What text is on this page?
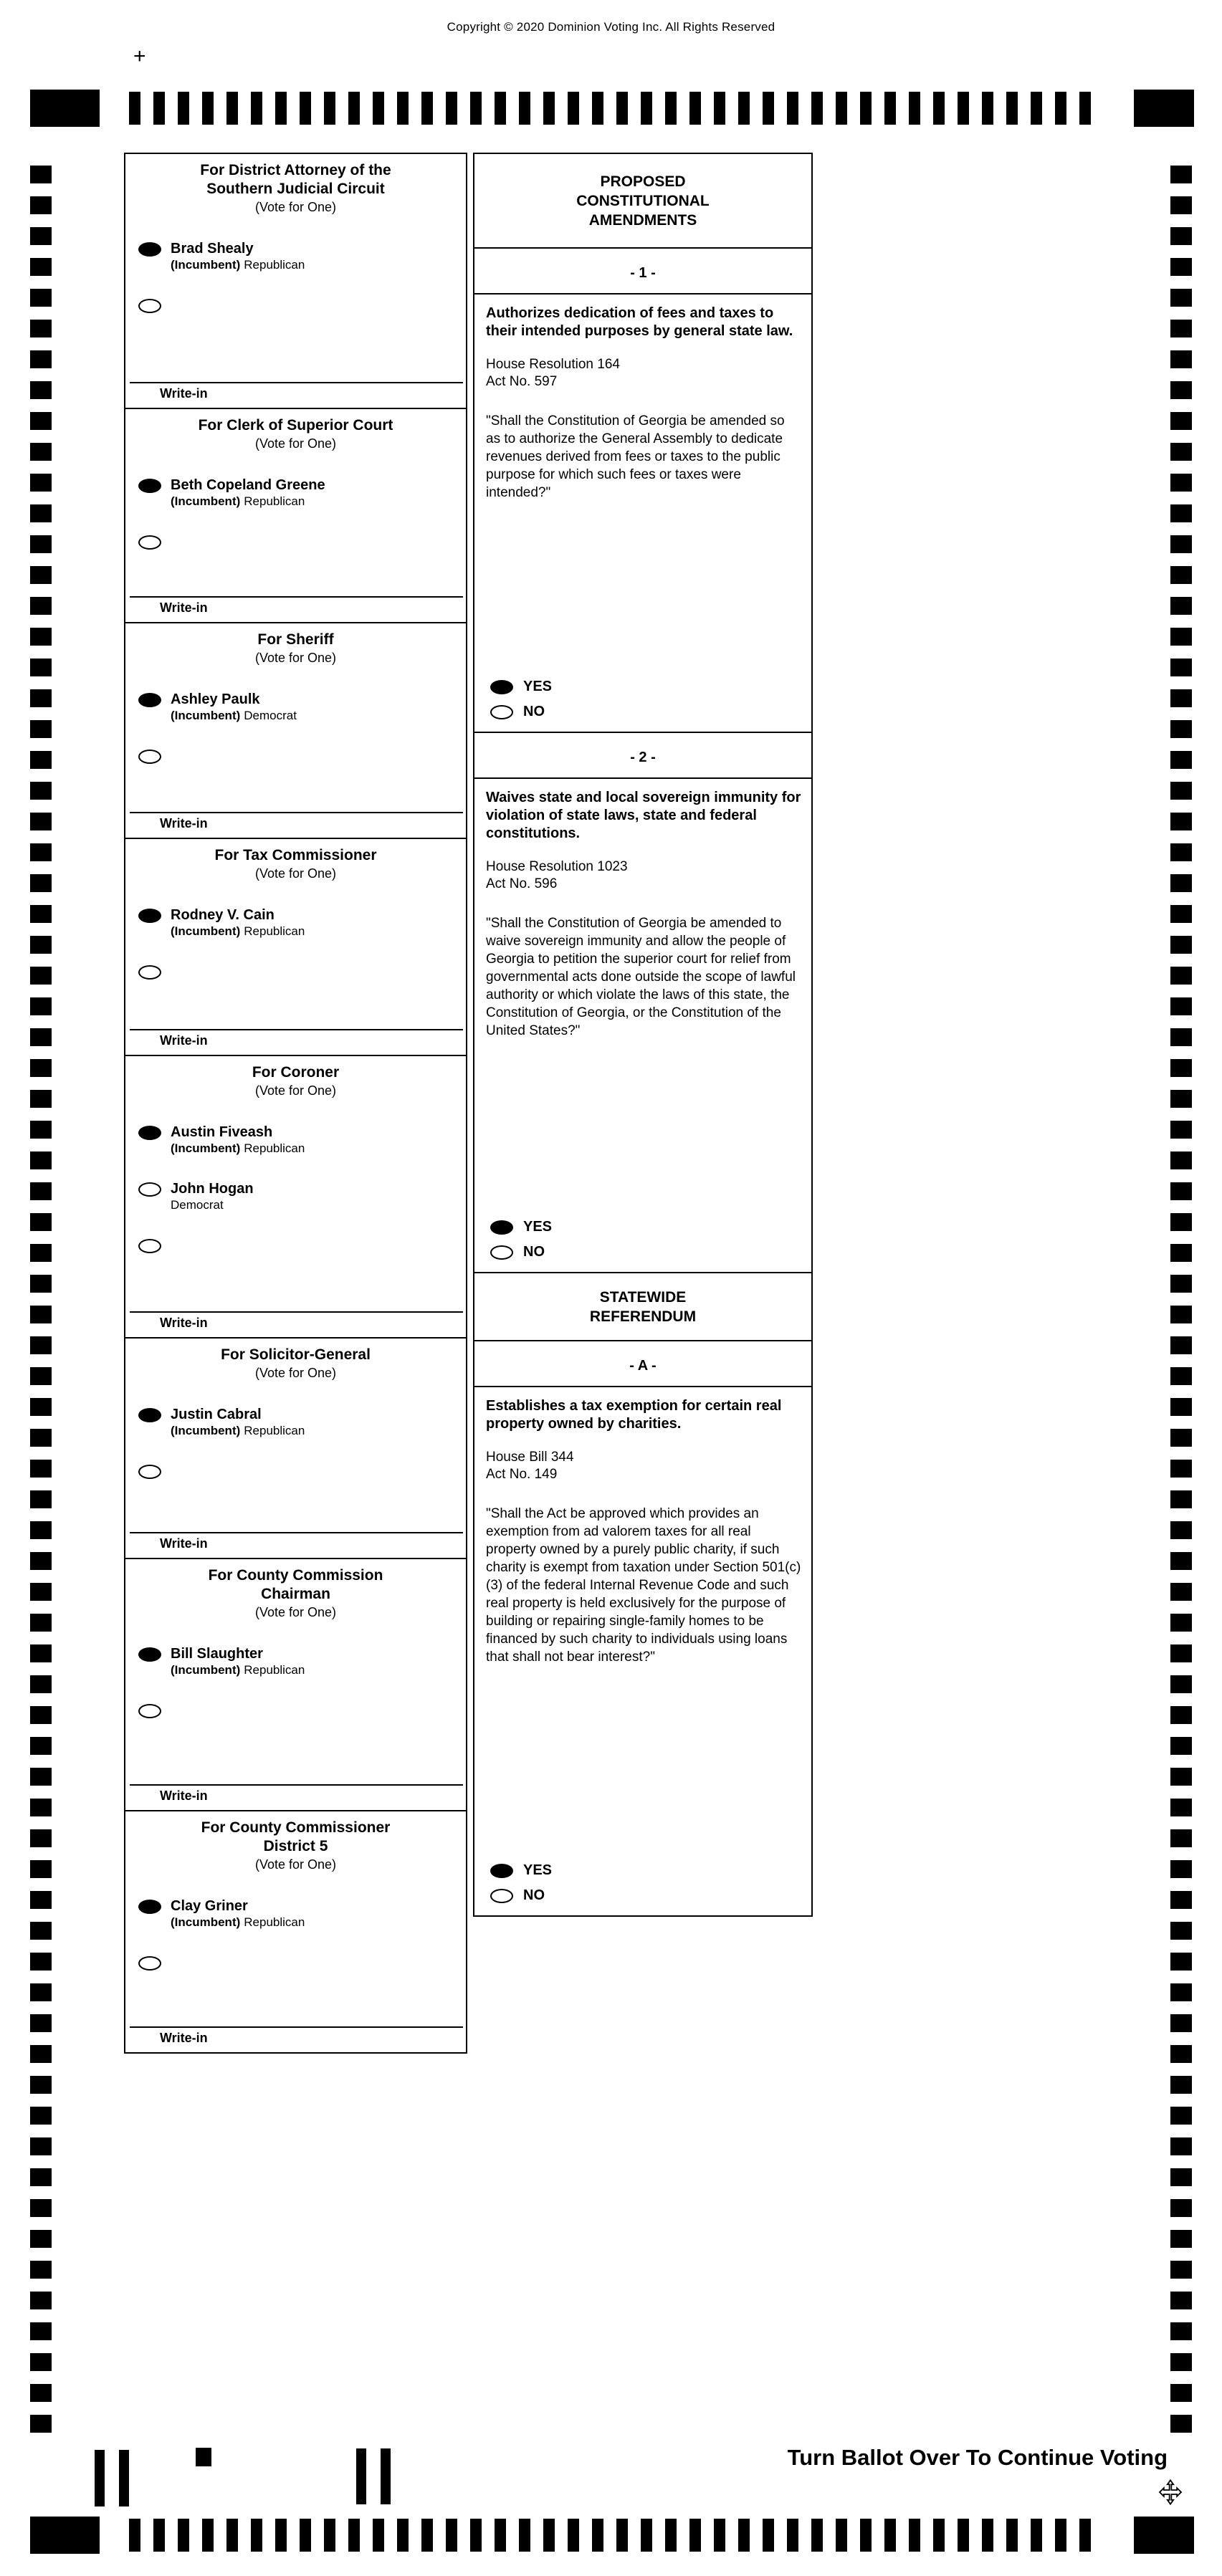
Copyright © 2020 Dominion Voting Inc. All Rights Reserved
+
For District Attorney of the
Southern Judicial Circuit
(Vote for One)
Brad Shealy
(Incumbent) Republican
Write-in
For Clerk of Superior Court
(Vote for One)
Beth Copeland Greene
(Incumbent) Republican
Write-in
For Sheriff
(Vote for One)
Ashley Paulk
(Incumbent) Democrat
Write-in
For Tax Commissioner
(Vote for One)
Rodney V. Cain
(Incumbent) Republican
Write-in
For Coroner
(Vote for One)
Austin Fiveash
(Incumbent) Republican
John Hogan
Democrat
Write-in
For Solicitor-General
(Vote for One)
Justin Cabral
(Incumbent) Republican
Write-in
For County Commission
Chairman
(Vote for One)
Bill Slaughter
(Incumbent) Republican
Write-in
For County Commissioner
District 5
(Vote for One)
Clay Griner
(Incumbent) Republican
Write-in
PROPOSED
CONSTITUTIONAL
AMENDMENTS
- 1 -
Authorizes dedication of fees and taxes to their intended purposes by general state law.
House Resolution 164
Act No. 597
"Shall the Constitution of Georgia be amended so as to authorize the General Assembly to dedicate revenues derived from fees or taxes to the public purpose for which such fees or taxes were intended?"
YES
NO
- 2 -
Waives state and local sovereign immunity for violation of state laws, state and federal constitutions.
House Resolution 1023
Act No. 596
"Shall the Constitution of Georgia be amended to waive sovereign immunity and allow the people of Georgia to petition the superior court for relief from governmental acts done outside the scope of lawful authority or which violate the laws of this state, the Constitution of Georgia, or the Constitution of the United States?"
YES
NO
STATEWIDE
REFERENDUM
- A -
Establishes a tax exemption for certain real property owned by charities.
House Bill 344
Act No. 149
"Shall the Act be approved which provides an exemption from ad valorem taxes for all real property owned by a purely public charity, if such charity is exempt from taxation under Section 501(c)(3) of the federal Internal Revenue Code and such real property is held exclusively for the purpose of building or repairing single-family homes to be financed by such charity to individuals using loans that shall not bear interest?"
YES
NO
Turn Ballot Over To Continue Voting
